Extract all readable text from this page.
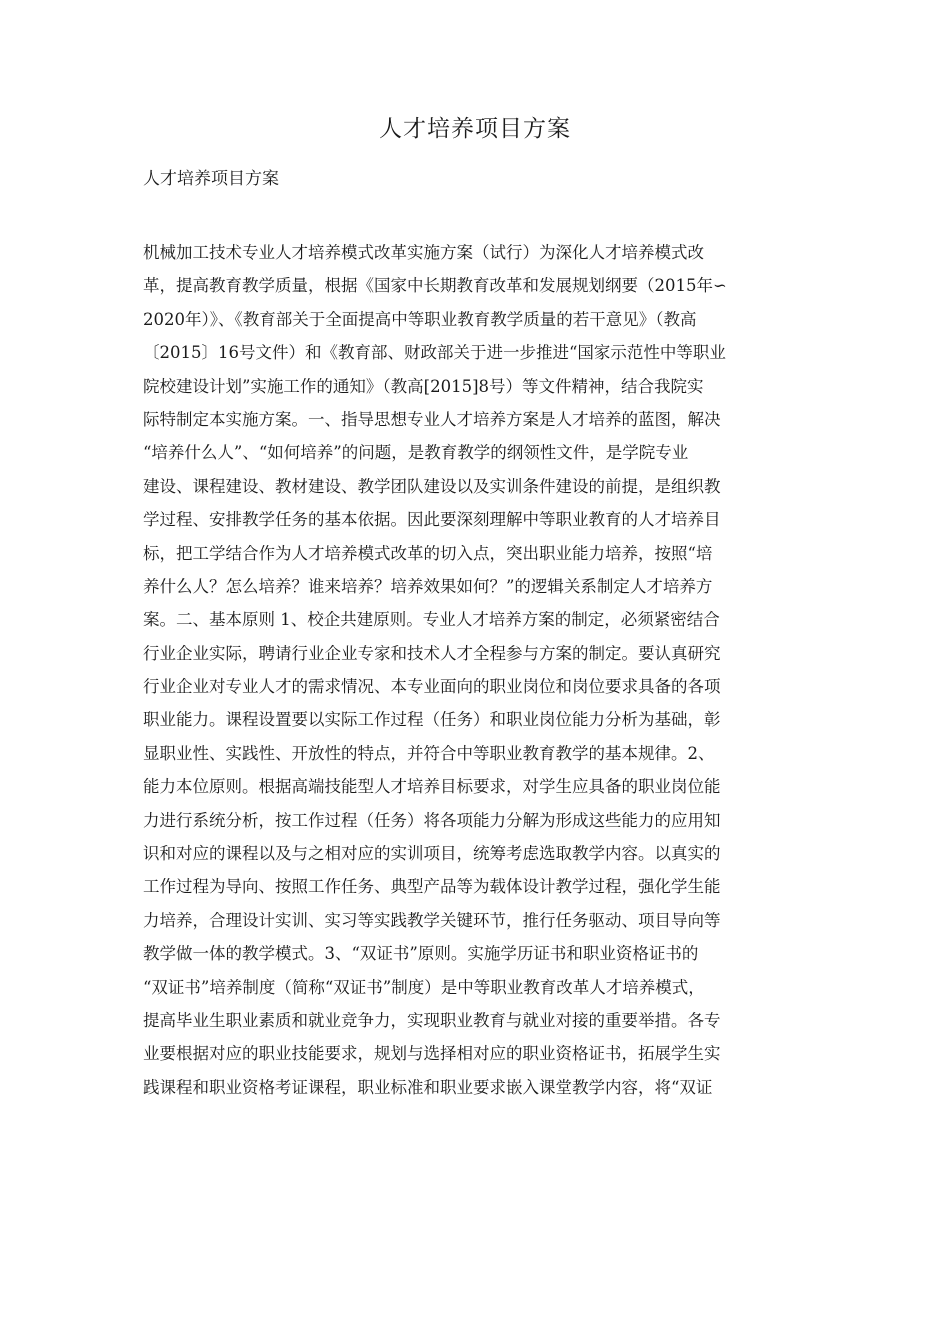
人才培养项目方案
人才培养项目方案
机械加工技术专业人才培养模式改革实施方案（试行）为深化人才培养模式改
革，提高教育教学质量，根据《国家中长期教育改革和发展规划纲要（2015年∽
2020年）》、《教育部关于全面提高中等职业教育教学质量的若干意见》（教高
〔2015〕16号文件）和《教育部、财政部关于进一步推进“国家示范性中等职业
院校建设计划”实施工作的通知》（教高[2015]8号）等文件精神，结合我院实
际特制定本实施方案。一、指导思想专业人才培养方案是人才培养的蓝图，解决
“培养什么人”、“如何培养”的问题，是教育教学的纲领性文件，是学院专业
建设、课程建设、教材建设、教学团队建设以及实训条件建设的前提，是组织教
学过程、安排教学任务的基本依据。因此要深刻理解中等职业教育的人才培养目
标，把工学结合作为人才培养模式改革的切入点，突出职业能力培养，按照“培
养什么人？怎么培养？谁来培养？培养效果如何？”的逻辑关系制定人才培养方
案。二、基本原则 1、校企共建原则。专业人才培养方案的制定，必须紧密结合
行业企业实际，聘请行业企业专家和技术人才全程参与方案的制定。要认真研究
行业企业对专业人才的需求情况、本专业面向的职业岗位和岗位要求具备的各项
职业能力。课程设置要以实际工作过程（任务）和职业岗位能力分析为基础，彰
显职业性、实践性、开放性的特点，并符合中等职业教育教学的基本规律。2、
能力本位原则。根据高端技能型人才培养目标要求，对学生应具备的职业岗位能
力进行系统分析，按工作过程（任务）将各项能力分解为形成这些能力的应用知
识和对应的课程以及与之相对应的实训项目，统筹考虑选取教学内容。以真实的
工作过程为导向、按照工作任务、典型产品等为载体设计教学过程，强化学生能
力培养，合理设计实训、实习等实践教学关键环节，推行任务驱动、项目导向等
教学做一体的教学模式。3、“双证书”原则。实施学历证书和职业资格证书的
“双证书”培养制度（简称“双证书”制度）是中等职业教育改革人才培养模式，
提高毕业生职业素质和就业竞争力，实现职业教育与就业对接的重要举措。各专
业要根据对应的职业技能要求，规划与选择相对应的职业资格证书，拓展学生实
践课程和职业资格考证课程，职业标准和职业要求嵌入课堂教学内容，将“双证
